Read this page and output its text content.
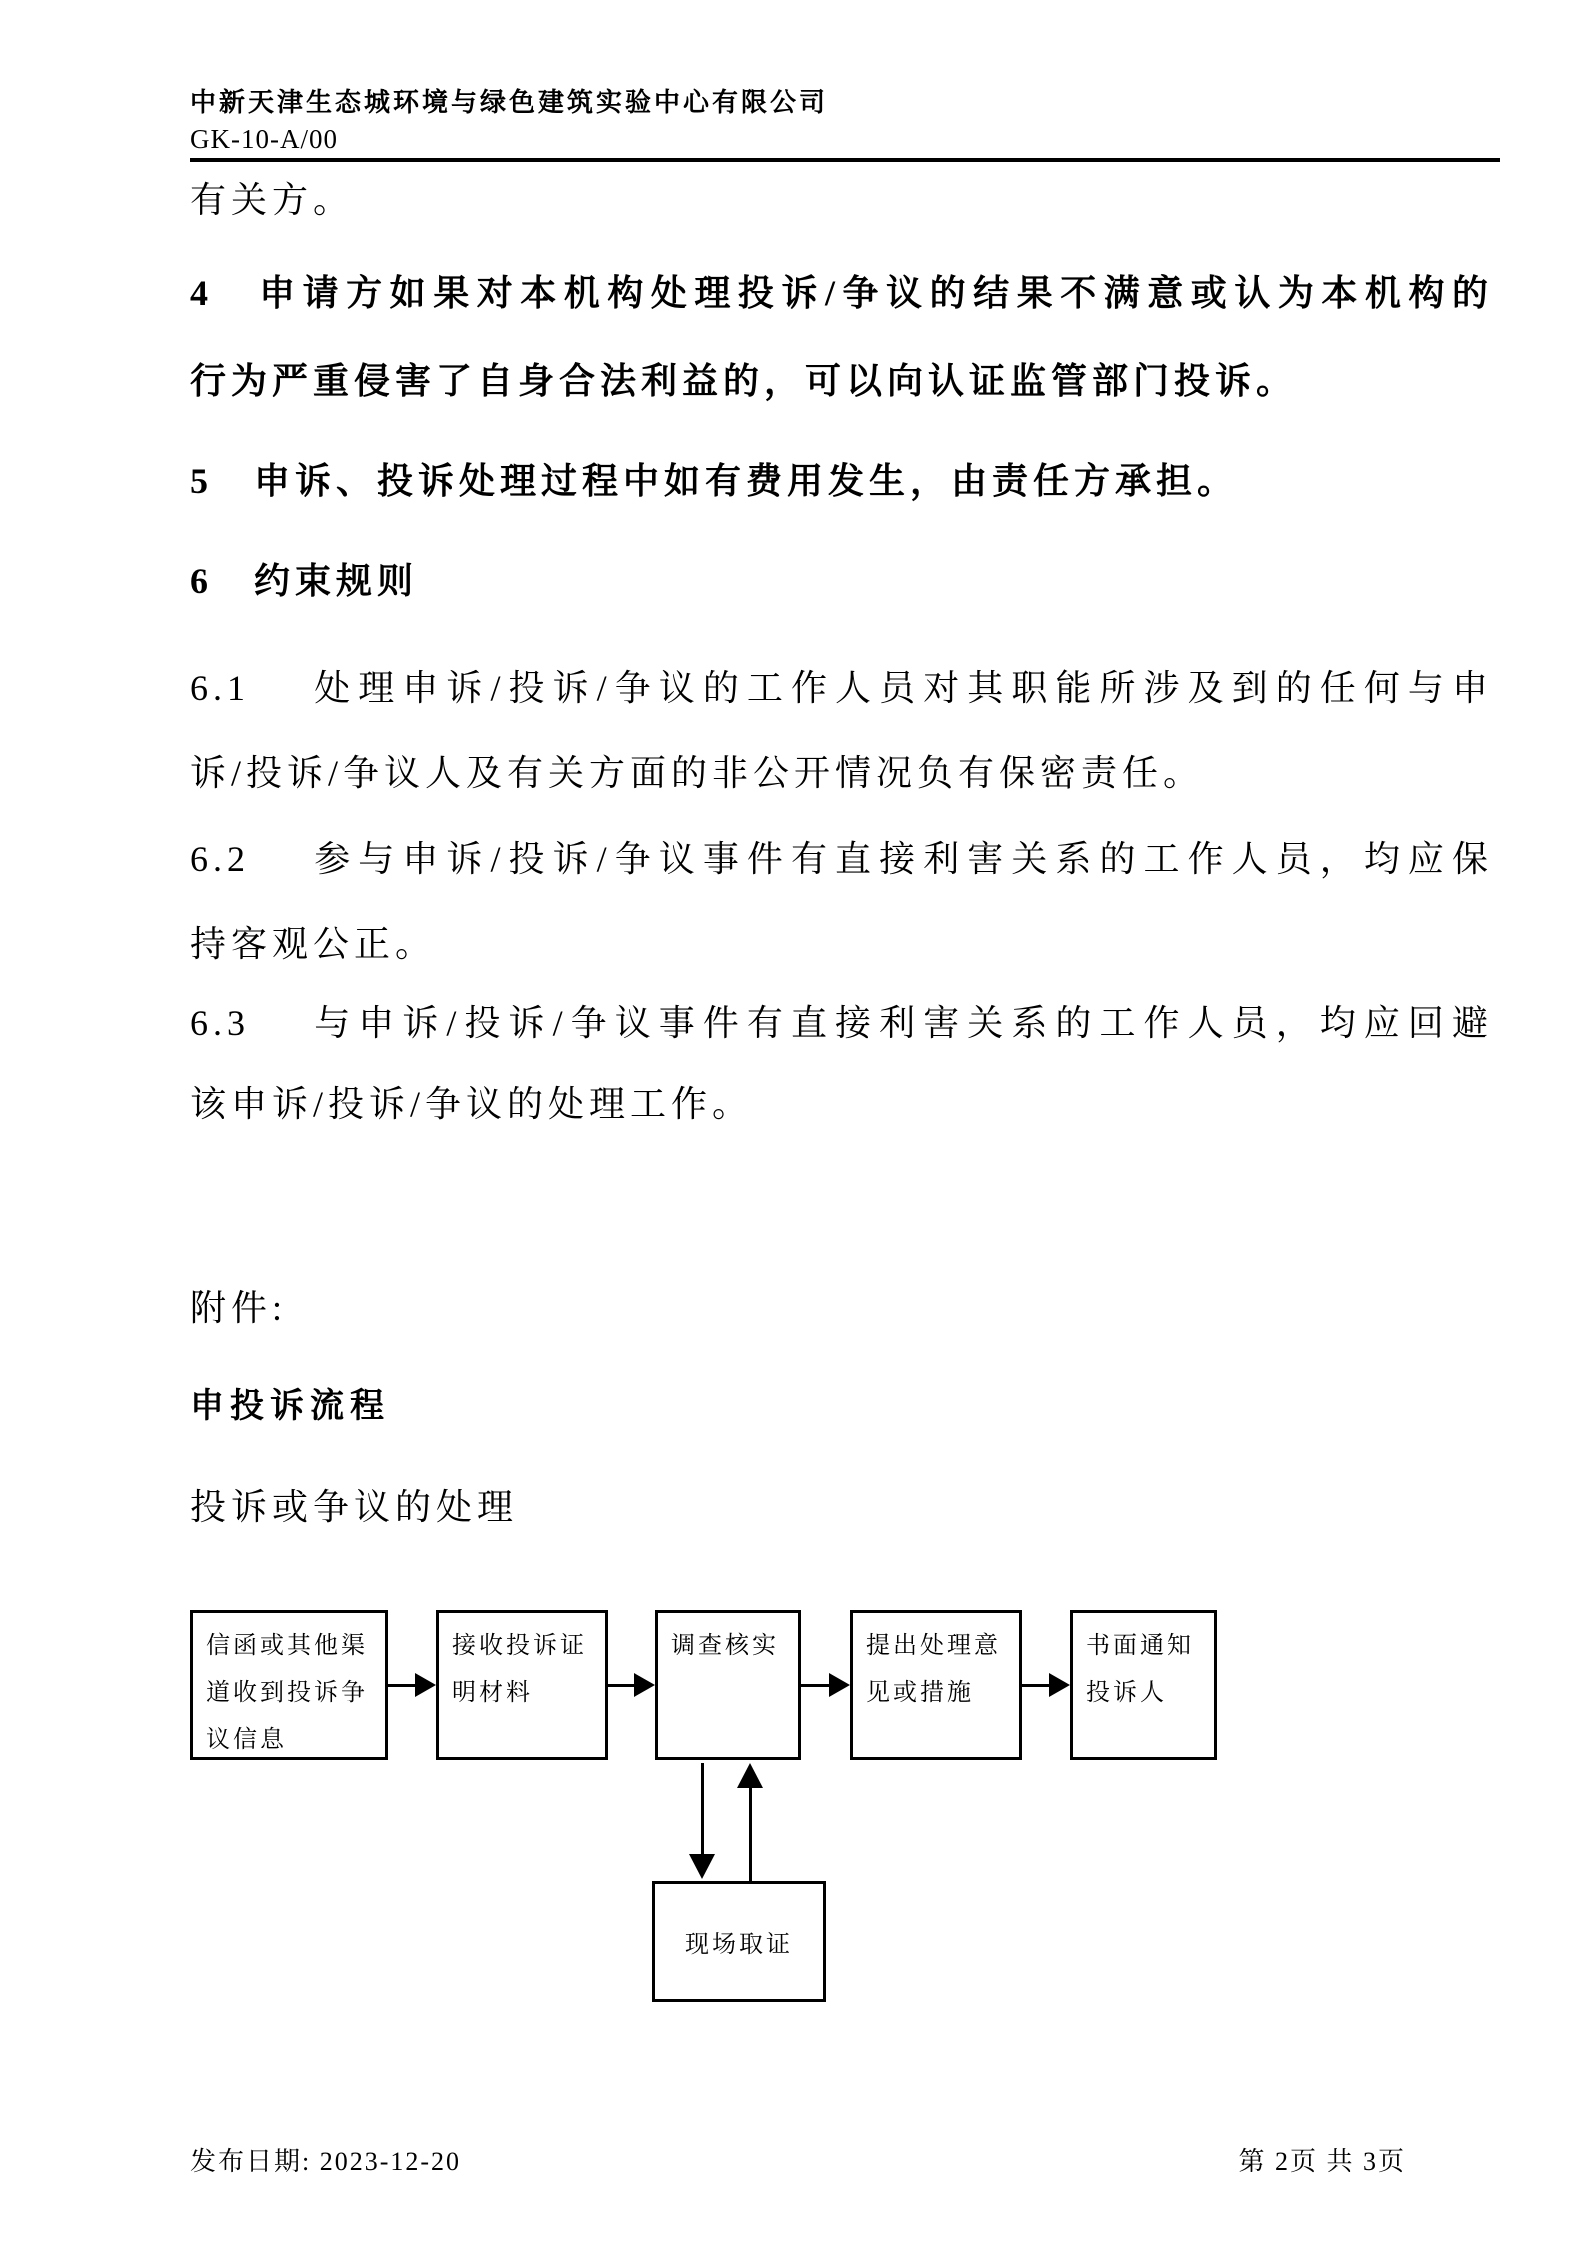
中新天津生态城环境与绿色建筑实验中心有限公司
GK-10-A/00
有关方。
4　申请方如果对本机构处理投诉/争议的结果不满意或认为本机构的
行为严重侵害了自身合法利益的，可以向认证监管部门投诉。
5　申诉、投诉处理过程中如有费用发生，由责任方承担。
6　约束规则
6.1　 处理申诉/投诉/争议的工作人员对其职能所涉及到的任何与申
诉/投诉/争议人及有关方面的非公开情况负有保密责任。
6.2　 参与申诉/投诉/争议事件有直接利害关系的工作人员，均应保
持客观公正。
6.3　 与申诉/投诉/争议事件有直接利害关系的工作人员，均应回避
该申诉/投诉/争议的处理工作。
附件:
申投诉流程
投诉或争议的处理
信函或其他渠
道收到投诉争
议信息
接收投诉证
明材料
调查核实	提出处理意
见或措施
书面通知
投诉人
现场取证
发布日期: 2023-12-20	第 2页 共 3页
